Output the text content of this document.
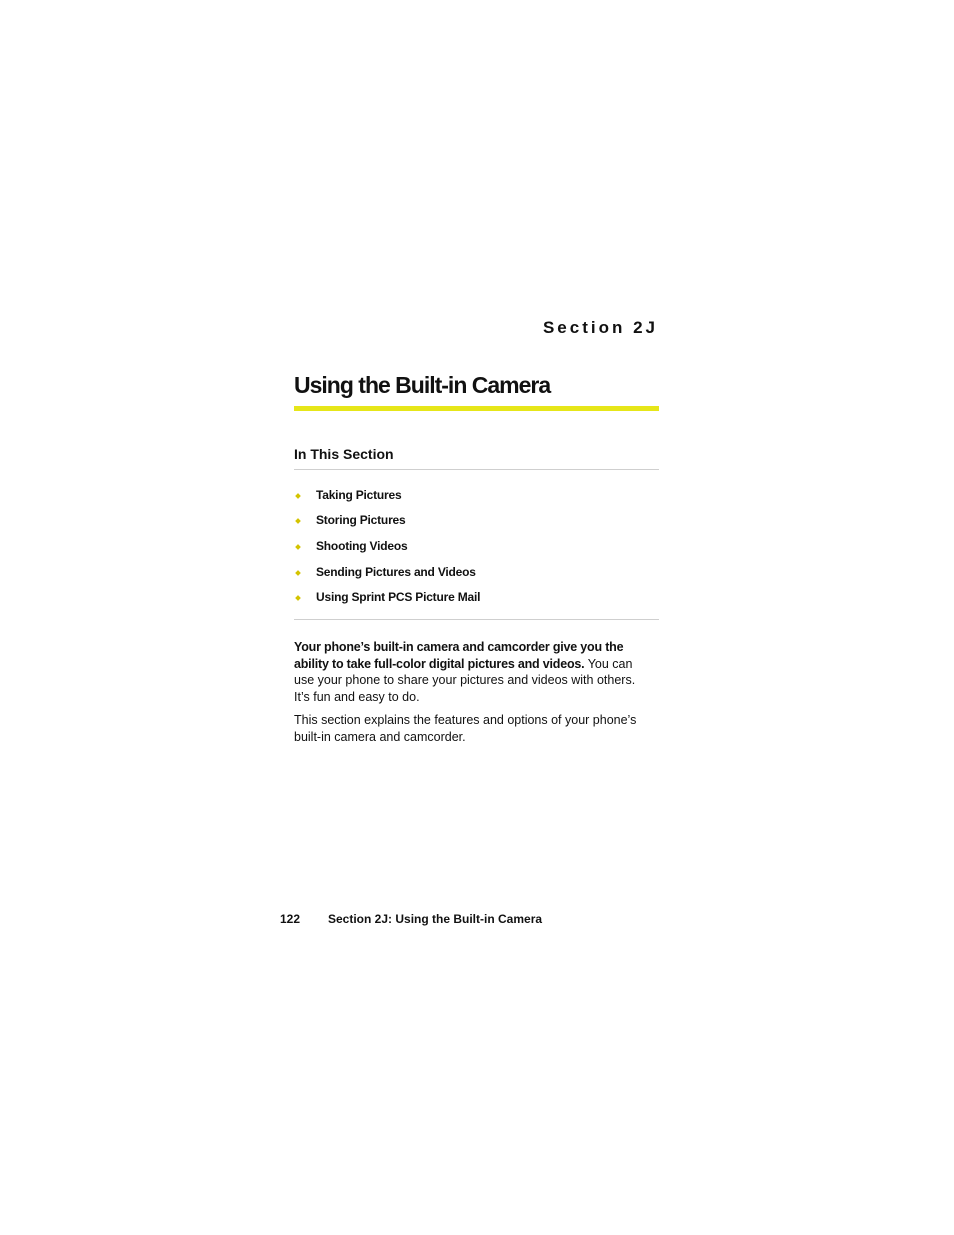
Section 2J
Using the Built-in Camera
In This Section
Taking Pictures
Storing Pictures
Shooting Videos
Sending Pictures and Videos
Using Sprint PCS Picture Mail

Your phone’s built-in camera and camcorder give you the ability to take full-color digital pictures and videos. You can use your phone to share your pictures and videos with others. It’s fun and easy to do.

This section explains the features and options of your phone’s built-in camera and camcorder.

122 Section 2J: Using the Built-in Camera
